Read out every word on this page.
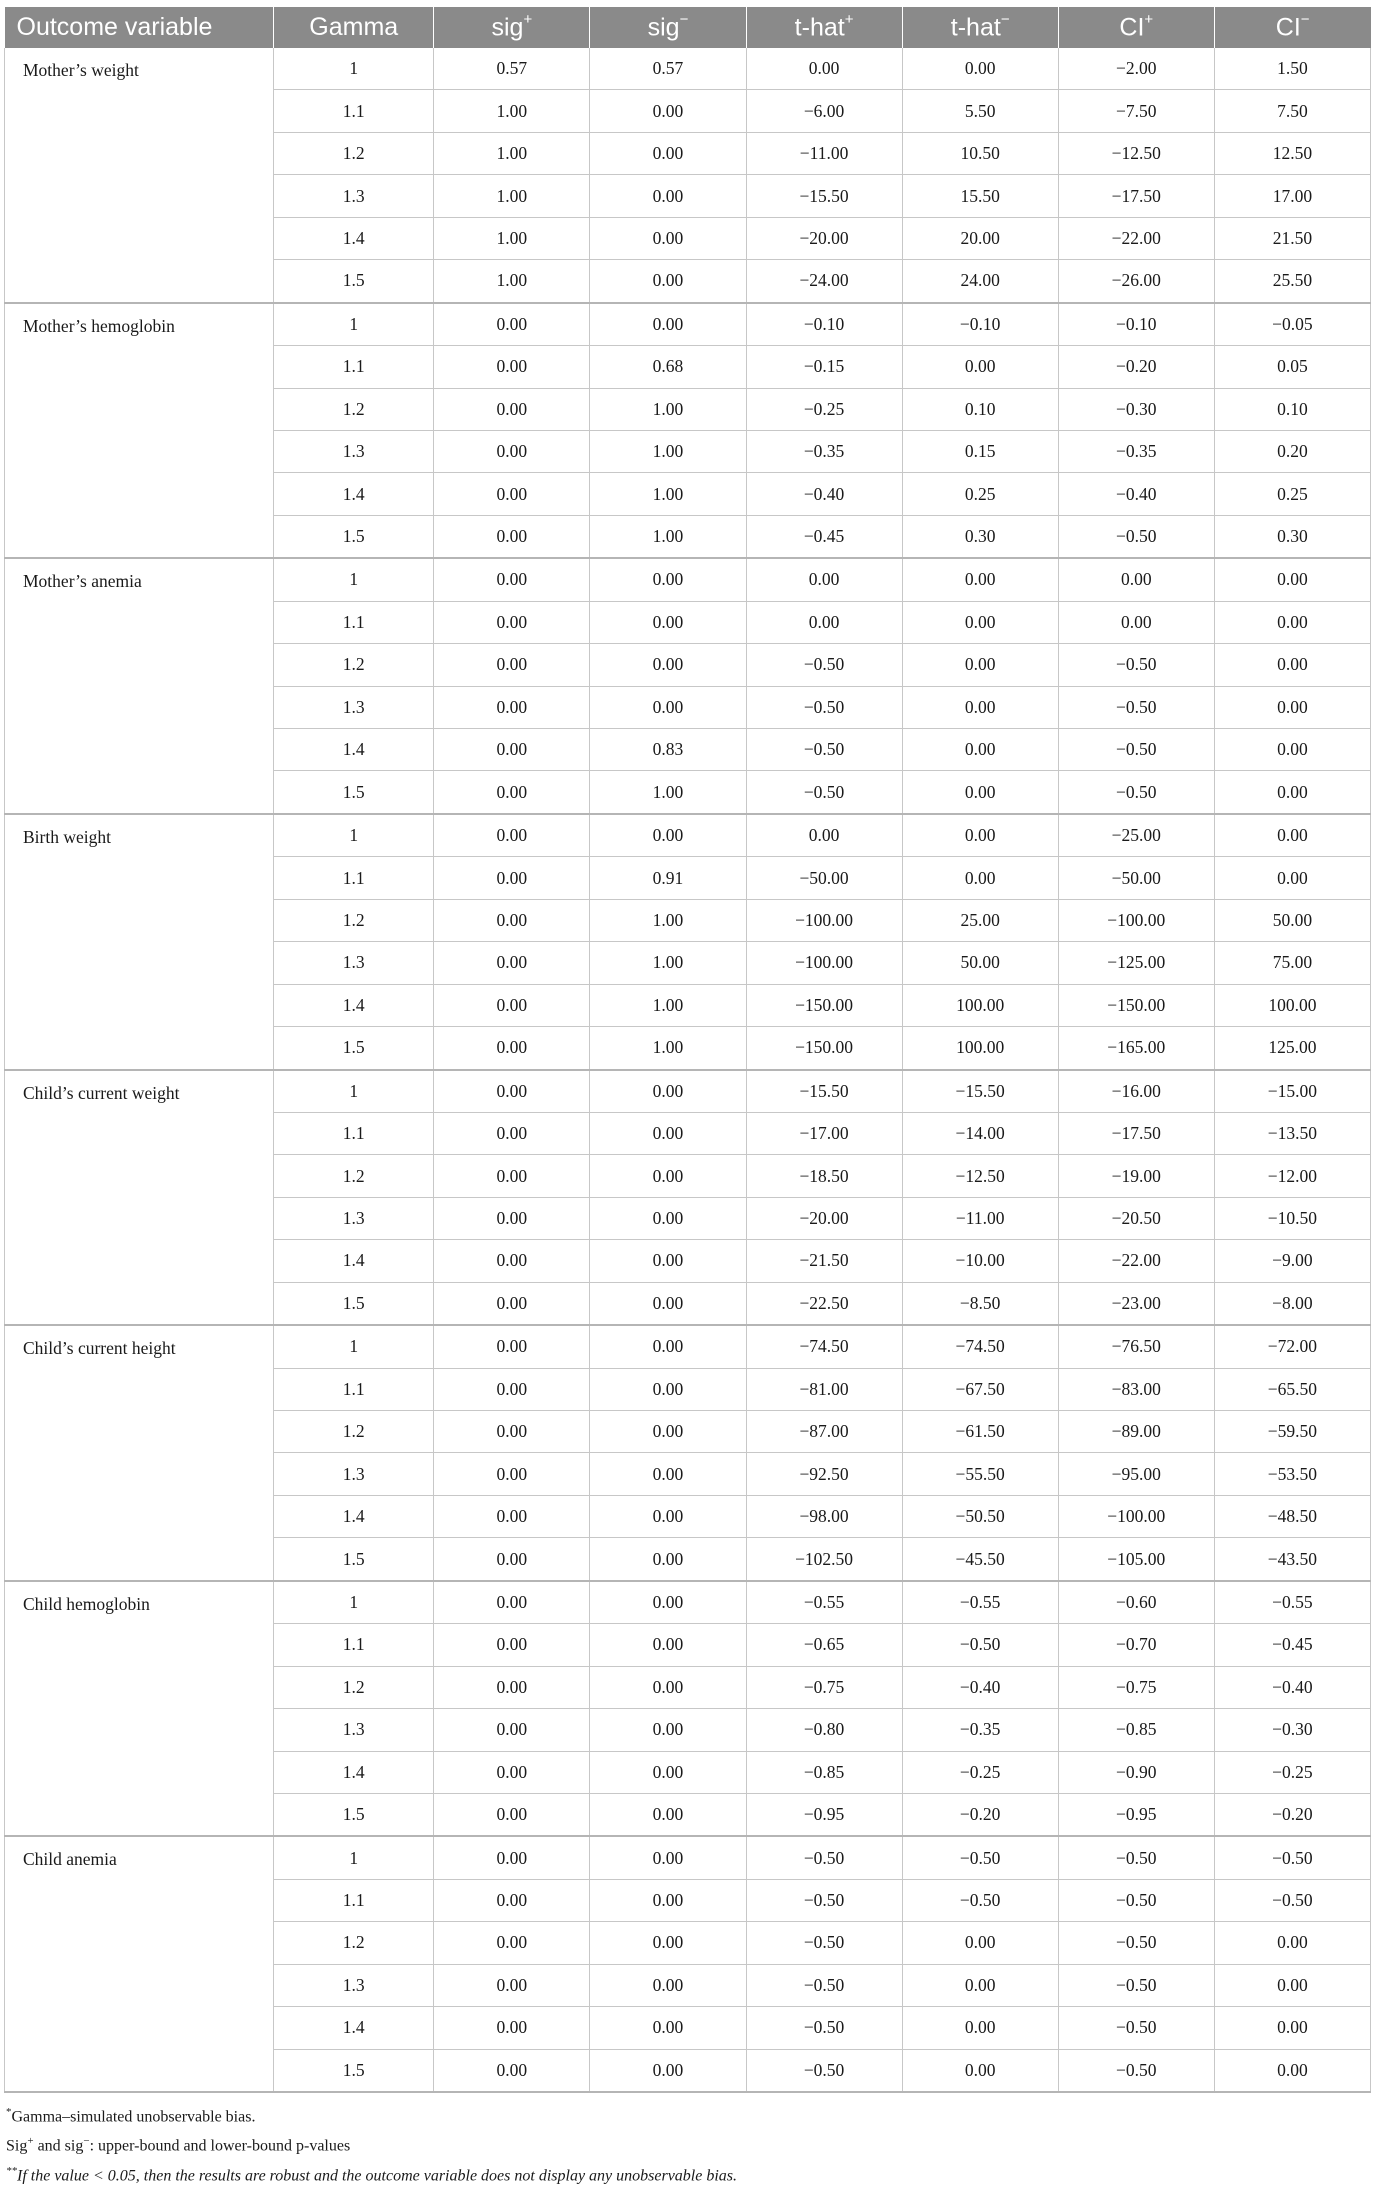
Outcome variable	Gamma	sig+	sig−	t-hat+	t-hat−	CI+	CI−
Mother’s weight	1	0.57	0.57	0.00	0.00	−2.00	1.50
	1.1	1.00	0.00	−6.00	5.50	−7.50	7.50
	1.2	1.00	0.00	−11.00	10.50	−12.50	12.50
	1.3	1.00	0.00	−15.50	15.50	−17.50	17.00
	1.4	1.00	0.00	−20.00	20.00	−22.00	21.50
	1.5	1.00	0.00	−24.00	24.00	−26.00	25.50
Mother’s hemoglobin	1	0.00	0.00	−0.10	−0.10	−0.10	−0.05
	1.1	0.00	0.68	−0.15	0.00	−0.20	0.05
	1.2	0.00	1.00	−0.25	0.10	−0.30	0.10
	1.3	0.00	1.00	−0.35	0.15	−0.35	0.20
	1.4	0.00	1.00	−0.40	0.25	−0.40	0.25
	1.5	0.00	1.00	−0.45	0.30	−0.50	0.30
Mother’s anemia	1	0.00	0.00	0.00	0.00	0.00	0.00
	1.1	0.00	0.00	0.00	0.00	0.00	0.00
	1.2	0.00	0.00	−0.50	0.00	−0.50	0.00
	1.3	0.00	0.00	−0.50	0.00	−0.50	0.00
	1.4	0.00	0.83	−0.50	0.00	−0.50	0.00
	1.5	0.00	1.00	−0.50	0.00	−0.50	0.00
Birth weight	1	0.00	0.00	0.00	0.00	−25.00	0.00
	1.1	0.00	0.91	−50.00	0.00	−50.00	0.00
	1.2	0.00	1.00	−100.00	25.00	−100.00	50.00
	1.3	0.00	1.00	−100.00	50.00	−125.00	75.00
	1.4	0.00	1.00	−150.00	100.00	−150.00	100.00
	1.5	0.00	1.00	−150.00	100.00	−165.00	125.00
Child’s current weight	1	0.00	0.00	−15.50	−15.50	−16.00	−15.00
	1.1	0.00	0.00	−17.00	−14.00	−17.50	−13.50
	1.2	0.00	0.00	−18.50	−12.50	−19.00	−12.00
	1.3	0.00	0.00	−20.00	−11.00	−20.50	−10.50
	1.4	0.00	0.00	−21.50	−10.00	−22.00	−9.00
	1.5	0.00	0.00	−22.50	−8.50	−23.00	−8.00
Child’s current height	1	0.00	0.00	−74.50	−74.50	−76.50	−72.00
	1.1	0.00	0.00	−81.00	−67.50	−83.00	−65.50
	1.2	0.00	0.00	−87.00	−61.50	−89.00	−59.50
	1.3	0.00	0.00	−92.50	−55.50	−95.00	−53.50
	1.4	0.00	0.00	−98.00	−50.50	−100.00	−48.50
	1.5	0.00	0.00	−102.50	−45.50	−105.00	−43.50
Child hemoglobin	1	0.00	0.00	−0.55	−0.55	−0.60	−0.55
	1.1	0.00	0.00	−0.65	−0.50	−0.70	−0.45
	1.2	0.00	0.00	−0.75	−0.40	−0.75	−0.40
	1.3	0.00	0.00	−0.80	−0.35	−0.85	−0.30
	1.4	0.00	0.00	−0.85	−0.25	−0.90	−0.25
	1.5	0.00	0.00	−0.95	−0.20	−0.95	−0.20
Child anemia	1	0.00	0.00	−0.50	−0.50	−0.50	−0.50
	1.1	0.00	0.00	−0.50	−0.50	−0.50	−0.50
	1.2	0.00	0.00	−0.50	0.00	−0.50	0.00
	1.3	0.00	0.00	−0.50	0.00	−0.50	0.00
	1.4	0.00	0.00	−0.50	0.00	−0.50	0.00
	1.5	0.00	0.00	−0.50	0.00	−0.50	0.00
*Gamma–simulated unobservable bias.
Sig+ and sig−: upper-bound and lower-bound p-values
**If the value < 0.05, then the results are robust and the outcome variable does not display any unobservable bias.
